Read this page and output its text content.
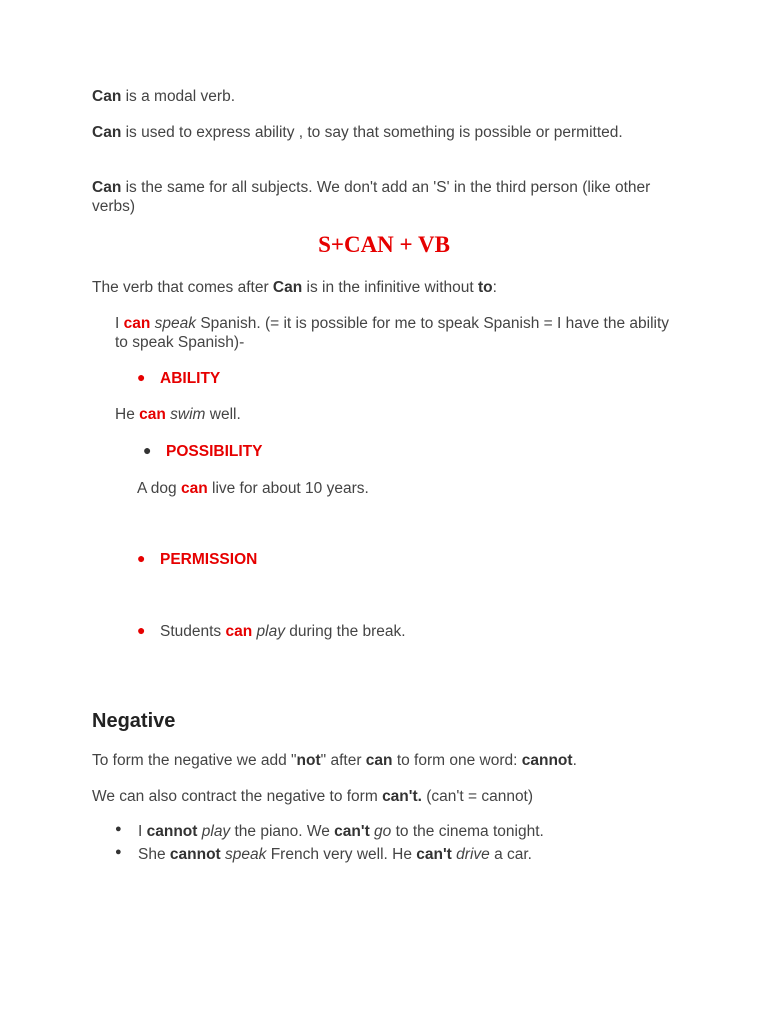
Can is a modal verb.
Can is used to express ability , to say that something is possible or permitted.
Can is the same for all subjects. We don't add an 'S' in the third person (like other verbs)
S+CAN + VB
The verb that comes after Can is in the infinitive without to:
I can speak Spanish. (= it is possible for me to speak Spanish = I have the ability to speak Spanish)-
● ABILITY
He can swim well.
● POSSIBILITY
A dog can live for about 10 years.
● PERMISSION
● Students can play during the break.
Negative
To form the negative we add "not" after can to form one word: cannot.
We can also contract the negative to form can't. (can't = cannot)
● I cannot play the piano. We can't go to the cinema tonight.
● She cannot speak French very well. He can't drive a car.
